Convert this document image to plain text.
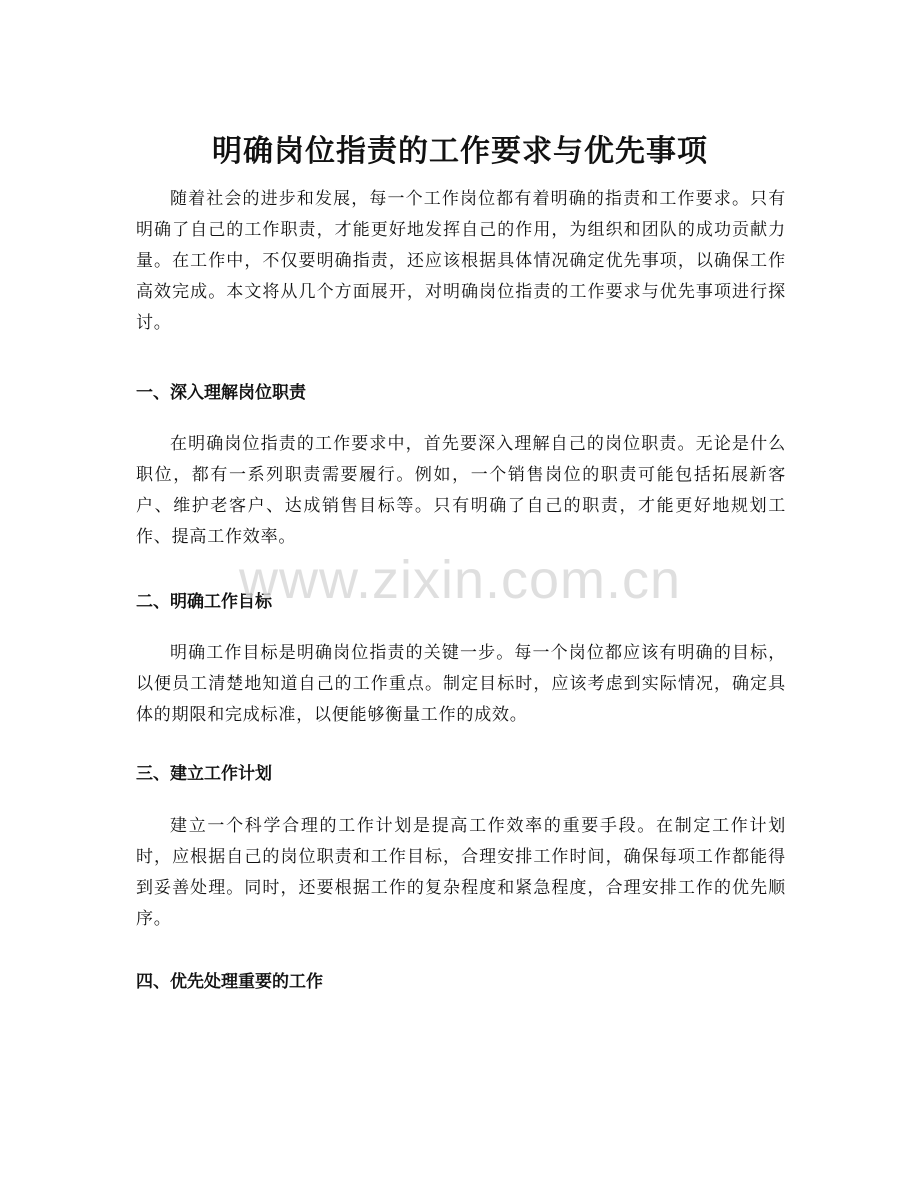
明确岗位指责的工作要求与优先事项

随着社会的进步和发展，每一个工作岗位都有着明确的指责和工作要求。只有明确了自己的工作职责，才能更好地发挥自己的作用，为组织和团队的成功贡献力量。在工作中，不仅要明确指责，还应该根据具体情况确定优先事项，以确保工作高效完成。本文将从几个方面展开，对明确岗位指责的工作要求与优先事项进行探讨。

一、深入理解岗位职责

在明确岗位指责的工作要求中，首先要深入理解自己的岗位职责。无论是什么职位，都有一系列职责需要履行。例如，一个销售岗位的职责可能包括拓展新客户、维护老客户、达成销售目标等。只有明确了自己的职责，才能更好地规划工作、提高工作效率。

二、明确工作目标

明确工作目标是明确岗位指责的关键一步。每一个岗位都应该有明确的目标，以便员工清楚地知道自己的工作重点。制定目标时，应该考虑到实际情况，确定具体的期限和完成标准，以便能够衡量工作的成效。

三、建立工作计划

建立一个科学合理的工作计划是提高工作效率的重要手段。在制定工作计划时，应根据自己的岗位职责和工作目标，合理安排工作时间，确保每项工作都能得到妥善处理。同时，还要根据工作的复杂程度和紧急程度，合理安排工作的优先顺序。

四、优先处理重要的工作
www.zixin.com.cn
